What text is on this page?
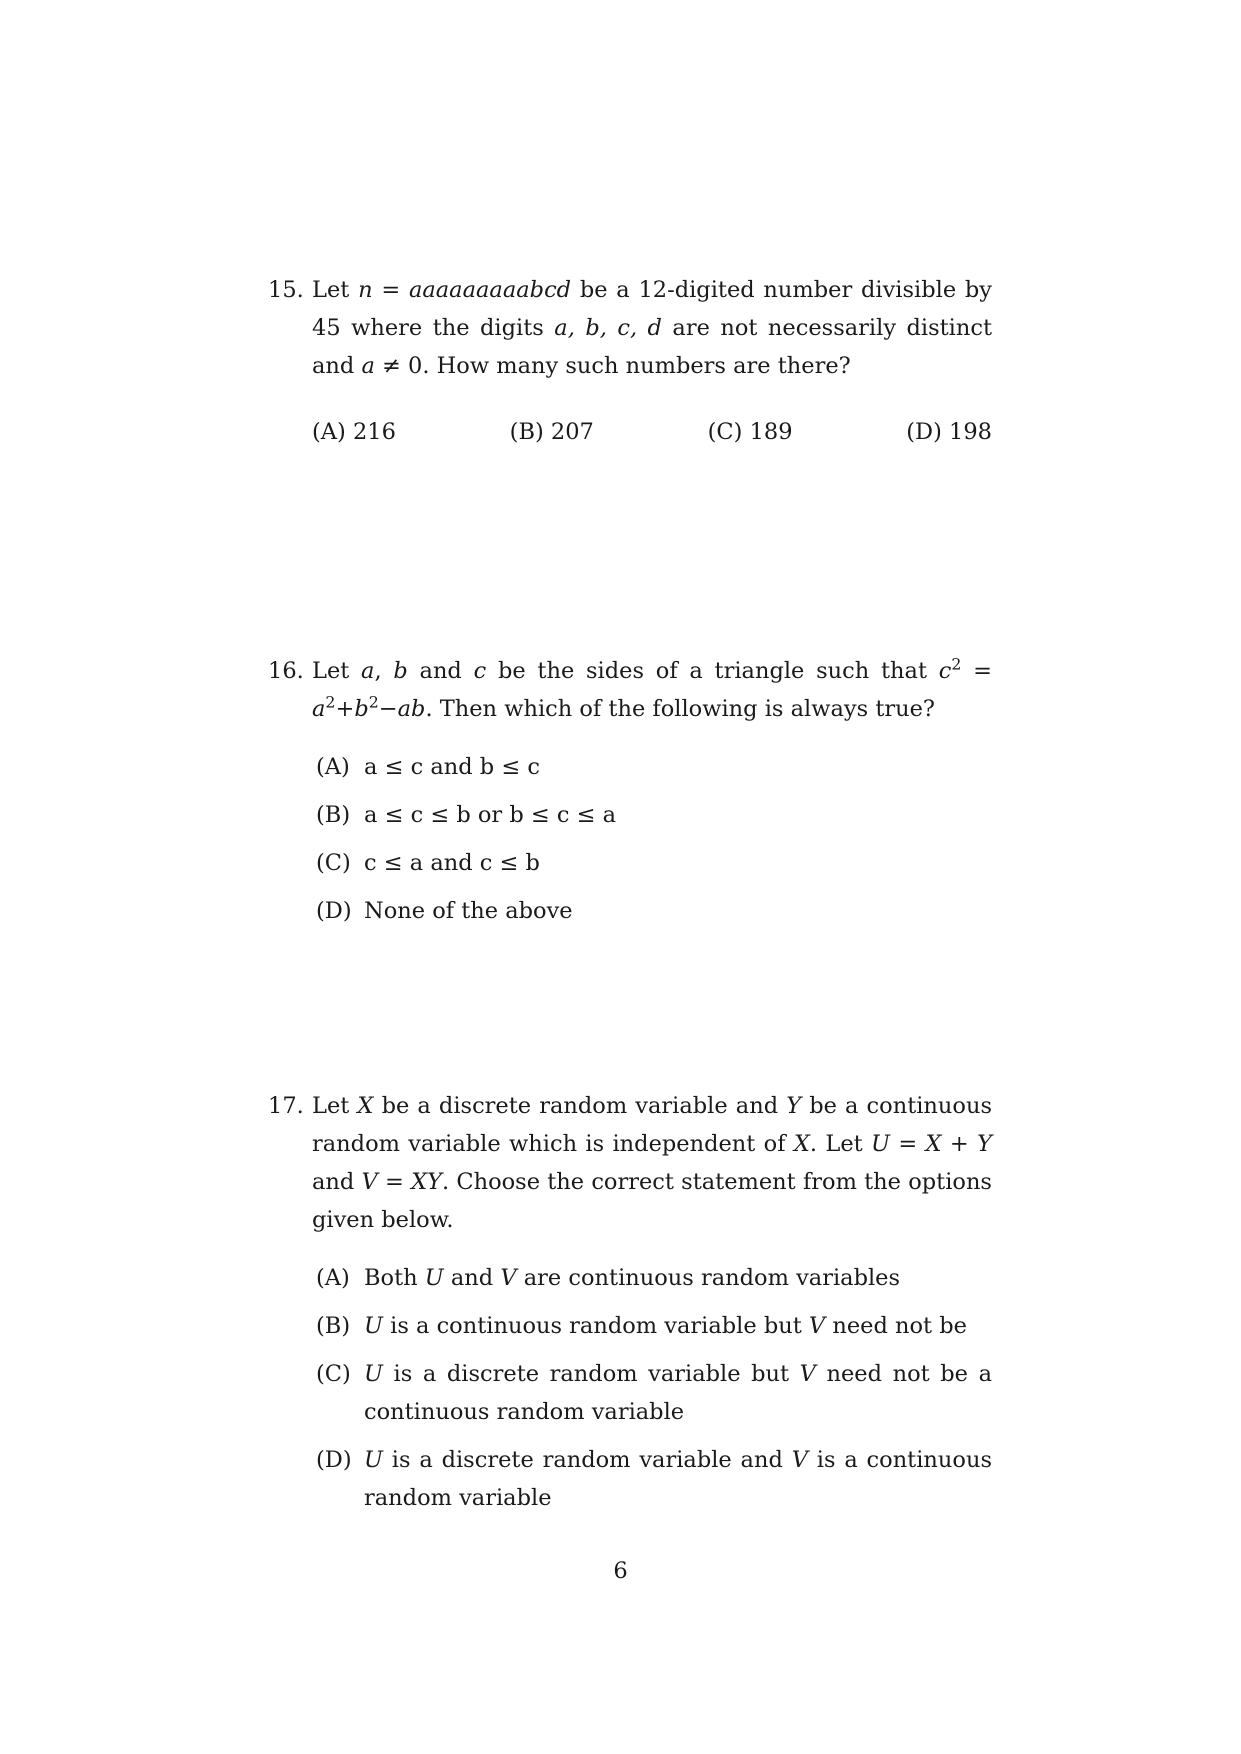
15. Let n = aaaaaaaaabcd be a 12-digited number divisible by 45 where the digits a, b, c, d are not necessarily distinct and a ≠ 0. How many such numbers are there?
(A) 216	(B) 207	(C) 189	(D) 198
16. Let a, b and c be the sides of a triangle such that $c^2 = a^2+b^2-ab$. Then which of the following is always true?
(A) a ≤ c and b ≤ c
(B) a ≤ c ≤ b or b ≤ c ≤ a
(C) c ≤ a and c ≤ b
(D) None of the above
17. Let X be a discrete random variable and Y be a continuous random variable which is independent of X. Let U = X + Y and V = XY. Choose the correct statement from the options given below.
(A) Both U and V are continuous random variables
(B) U is a continuous random variable but V need not be
(C) U is a discrete random variable but V need not be a continuous random variable
(D) U is a discrete random variable and V is a continuous random variable
6
